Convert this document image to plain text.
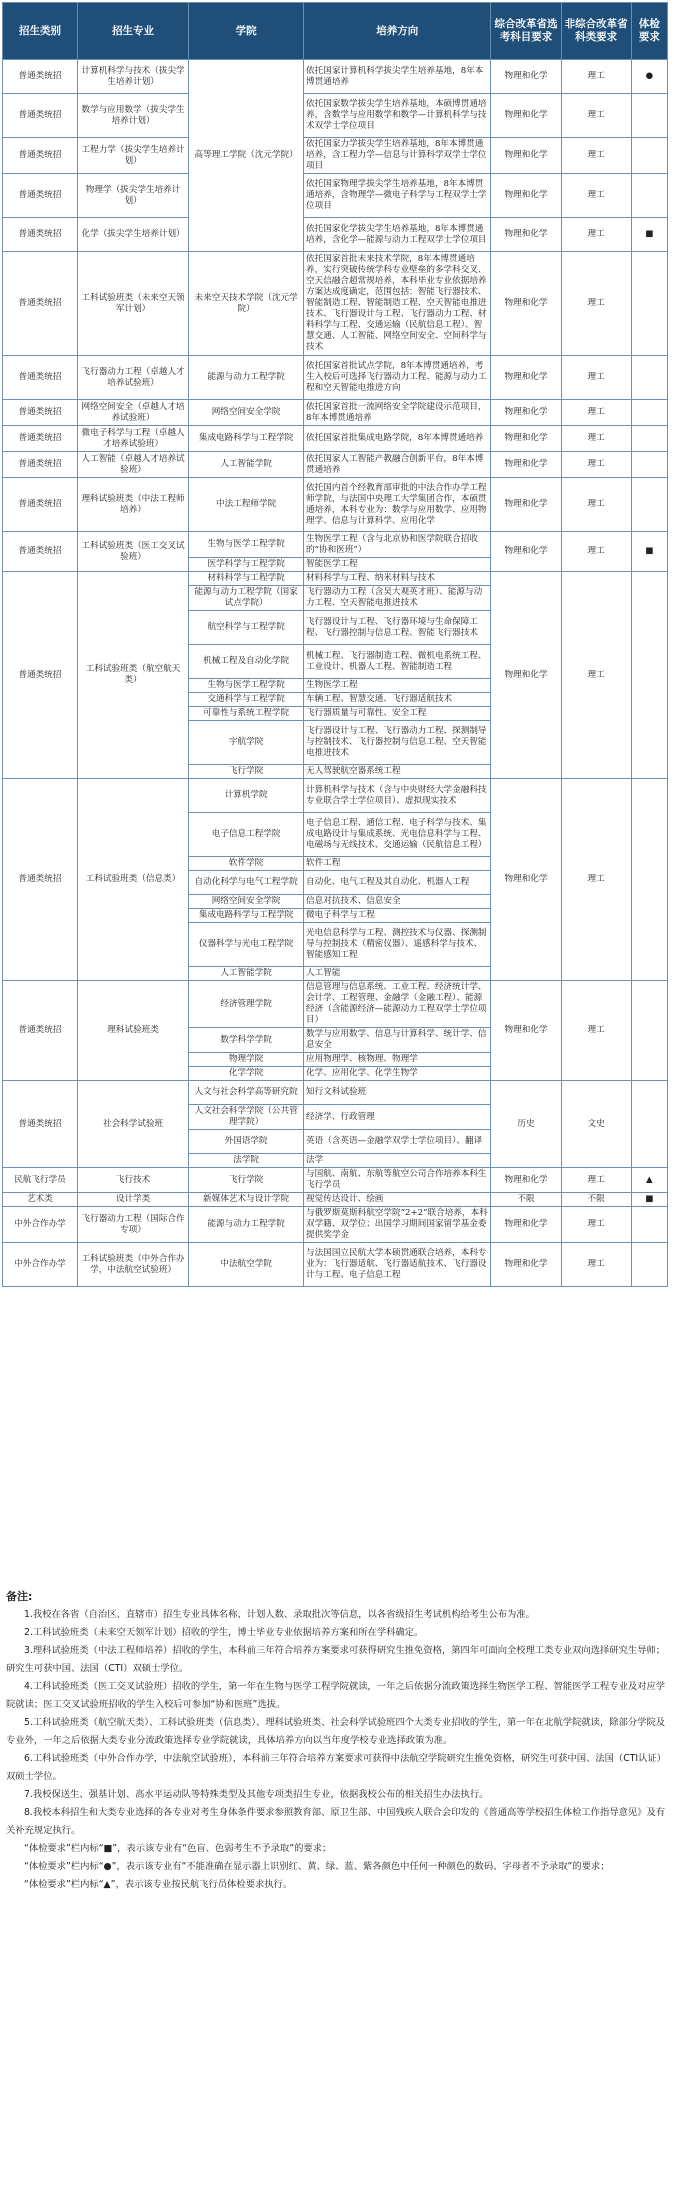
招生类别	招生专业	学院	培养方向	综合改革省选考科目要求	非综合改革省科类要求	体检要求
普通类统招	计算机科学与技术（拔尖学生培养计划）	高等理工学院（沈元学院）	依托国家计算机科学拔尖学生培养基地，8年本博贯通培养	物理和化学	理工	●
普通类统招	数学与应用数学（拔尖学生培养计划）		依托国家数学拔尖学生培养基地，本硕博贯通培养，含数学与应用数学和数学—计算机科学与技术双学士学位项目	物理和化学	理工	
普通类统招	工程力学（拔尖学生培养计划）		依托国家力学拔尖学生培养基地，8年本博贯通培养，含工程力学—信息与计算科学双学士学位项目	物理和化学	理工	
普通类统招	物理学（拔尖学生培养计划）		依托国家物理学拔尖学生培养基地，8年本博贯通培养，含物理学—微电子科学与工程双学士学位项目	物理和化学	理工	
普通类统招	化学（拔尖学生培养计划）		依托国家化学拔尖学生培养基地，8年本博贯通培养，含化学—能源与动力工程双学士学位项目	物理和化学	理工	■
普通类统招	工科试验班类（未来空天领军计划）	未来空天技术学院（沈元学院）	依托国家首批未来技术学院，8年本博贯通培养，实行突破传统学科专业壁垒的多学科交叉、空天信融合超常规培养，本科毕业专业依据培养方案达成度确定，范围包括：智能飞行器技术、智能制造工程、智能制造工程、空天智能电推进技术、飞行器设计与工程、飞行器动力工程、材料科学与工程、交通运输（民航信息工程）、智慧交通、人工智能、网络空间安全、空间科学与技术	物理和化学	理工	
普通类统招	飞行器动力工程（卓越人才培养试验班）	能源与动力工程学院	依托国家首批试点学院，8年本博贯通培养，考生入校后可选择飞行器动力工程、能源与动力工程和空天智能电推进方向	物理和化学	理工	
普通类统招	网络空间安全（卓越人才培养试验班）	网络空间安全学院	依托国家首批一流网络安全学院建设示范项目，8年本博贯通培养	物理和化学	理工	
普通类统招	微电子科学与工程（卓越人才培养试验班）	集成电路科学与工程学院	依托国家首批集成电路学院，8年本博贯通培养	物理和化学	理工	
普通类统招	人工智能（卓越人才培养试验班）	人工智能学院	依托国家人工智能产教融合创新平台，8年本博贯通培养	物理和化学	理工	
普通类统招	理科试验班类（中法工程师培养）	中法工程师学院	依托国内首个经教育部审批的中法合作办学工程师学院，与法国中央理工大学集团合作，本硕贯通培养，本科专业为：数学与应用数学、应用物理学、信息与计算科学、应用化学	物理和化学	理工	
普通类统招	工科试验班类（医工交叉试验班）	生物与医学工程学院	生物医学工程（含与北京协和医学院联合招收的“协和医班”）	物理和化学	理工	■
		医学科学与工程学院	智能医学工程			
普通类统招	工科试验班类（航空航天类）	材料科学与工程学院	材料科学与工程、纳米材料与技术	物理和化学	理工	
		能源与动力工程学院（国家试点学院）	飞行器动力工程（含吴大观英才班）、能源与动力工程、空天智能电推进技术			
		航空科学与工程学院	飞行器设计与工程、飞行器环境与生命保障工程、飞行器控制与信息工程、智能飞行器技术			
		机械工程及自动化学院	机械工程、飞行器制造工程、微机电系统工程、工业设计、机器人工程、智能制造工程			
		生物与医学工程学院	生物医学工程			
		交通科学与工程学院	车辆工程、智慧交通、飞行器适航技术			
		可靠性与系统工程学院	飞行器质量与可靠性、安全工程			
		宇航学院	飞行器设计与工程、飞行器动力工程、探测制导与控制技术、飞行器控制与信息工程、空天智能电推进技术			
		飞行学院	无人驾驶航空器系统工程			
普通类统招	工科试验班类（信息类）	计算机学院	计算机科学与技术（含与中央财经大学金融科技专业联合学士学位项目）、虚拟现实技术	物理和化学	理工	
		电子信息工程学院	电子信息工程、通信工程、电子科学与技术、集成电路设计与集成系统、光电信息科学与工程、电磁场与无线技术、交通运输（民航信息工程）			
		软件学院	软件工程			
		自动化科学与电气工程学院	自动化、电气工程及其自动化、机器人工程			
		网络空间安全学院	信息对抗技术、信息安全			
		集成电路科学与工程学院	微电子科学与工程			
		仪器科学与光电工程学院	光电信息科学与工程、测控技术与仪器、探测制导与控制技术（精密仪器）、遥感科学与技术、智能感知工程			
		人工智能学院	人工智能			
普通类统招	理科试验班类	经济管理学院	信息管理与信息系统、工业工程、经济统计学、会计学、工程管理、金融学（金融工程）、能源经济（含能源经济—能源动力工程双学士学位项目）	物理和化学	理工	
		数学科学学院	数学与应用数学、信息与计算科学、统计学、信息安全			
		物理学院	应用物理学、核物理、物理学			
		化学学院	化学、应用化学、化学生物学			
普通类统招	社会科学试验班	人文与社会科学高等研究院	知行文科试验班	历史	文史	
		人文社会科学学院（公共管理学院）	经济学、行政管理			
		外国语学院	英语（含英语—金融学双学士学位项目）、翻译			
		法学院	法学			
民航飞行学员	飞行技术	飞行学院	与国航、南航、东航等航空公司合作培养本科生飞行学员	物理和化学	理工	▲
艺术类	设计学类	新媒体艺术与设计学院	视觉传达设计、绘画	不限	不限	■
中外合作办学	飞行器动力工程（国际合作专项）	能源与动力工程学院	与俄罗斯莫斯科航空学院“2+2”联合培养，本科双学籍、双学位；出国学习期间国家留学基金委提供奖学金	物理和化学	理工	
中外合作办学	工科试验班类（中外合作办学，中法航空试验班）	中法航空学院	与法国国立民航大学本硕贯通联合培养，本科专业为：飞行器适航、飞行器适航技术、飞行器设计与工程、电子信息工程	物理和化学	理工	
备注:

1.我校在各省（自治区、直辖市）招生专业具体名称、计划人数、录取批次等信息，以各省级招生考试机构给考生公布为准。

2.工科试验班类（未来空天领军计划）招收的学生，博士毕业专业依据培养方案和所在学科确定。

3.理科试验班类（中法工程师培养）招收的学生，本科前三年符合培养方案要求可获得研究生推免资格，第四年可面向全校理工类专业双向选择研究生导师；研究生可获中国、法国（CTI）双硕士学位。

4.工科试验班类（医工交叉试验班）招收的学生，第一年在生物与医学工程学院就读，一年之后依据分流政策选择生物医学工程、智能医学工程专业及对应学院就读；医工交叉试验班招收的学生入校后可参加“协和医班”选拔。

5.工科试验班类（航空航天类）、工科试验班类（信息类）、理科试验班类、社会科学试验班四个大类专业招收的学生，第一年在北航学院就读，除部分学院及专业外，一年之后依据大类专业分流政策选择专业学院就读，具体培养方向以当年度学校专业选择政策为准。

6.工科试验班类（中外合作办学，中法航空试验班），本科前三年符合培养方案要求可获得中法航空学院研究生推免资格，研究生可获中国、法国（CTI认证）双硕士学位。

7.我校保送生、强基计划、高水平运动队等特殊类型及其他专项类招生专业，依据我校公布的相关招生办法执行。

8.我校本科招生和大类专业选择的各专业对考生身体条件要求参照教育部、原卫生部、中国残疾人联合会印发的《普通高等学校招生体检工作指导意见》及有关补充规定执行。

“体检要求”栏内标“■”，表示该专业有“色盲、色弱考生不予录取”的要求；

“体检要求”栏内标“●”，表示该专业有“不能准确在显示器上识别红、黄、绿、蓝、紫各颜色中任何一种颜色的数码、字母者不予录取”的要求；

“体检要求”栏内标“▲”，表示该专业按民航飞行员体检要求执行。
